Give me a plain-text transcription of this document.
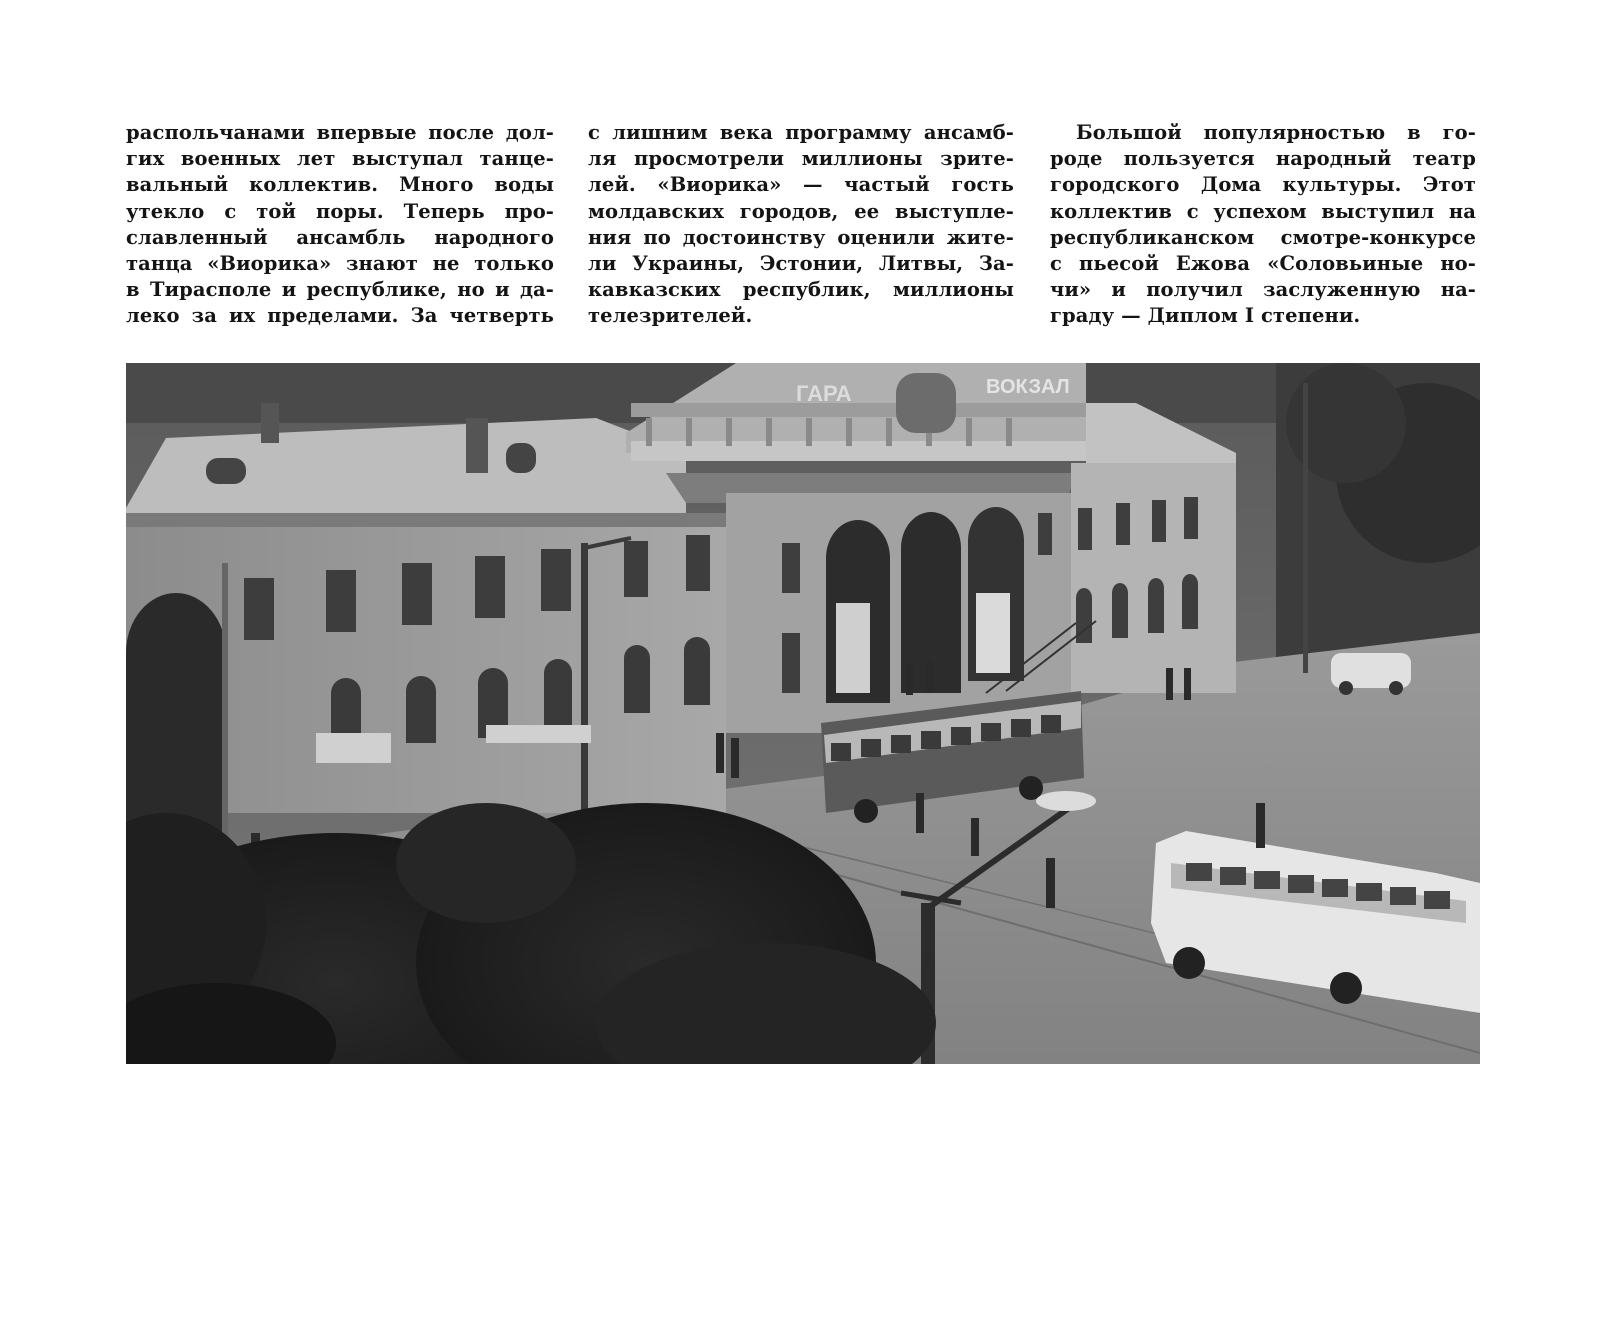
распольчанами впервые после дол-
гих военных лет выступал танце-
вальный коллектив. Много воды
утекло с той поры. Теперь про-
славленный ансамбль народного
танца «Виорика» знают не только
в Тирасполе и республике, но и да-
леко за их пределами. За четверть
с лишним века программу ансамб-
ля просмотрели миллионы зрите-
лей. «Виорика» — частый гость
молдавских городов, ее выступле-
ния по достоинству оценили жите-
ли Украины, Эстонии, Литвы, За-
кавказских республик, миллионы
телезрителей.
Большой популярностью в го-
роде пользуется народный театр
городского Дома культуры. Этот
коллектив с успехом выступил на
республиканском смотре-конкурсе
с пьесой Ежова «Соловьиные но-
чи» и получил заслуженную на-
граду — Диплом I степени.
ГАРА	ВОКЗАЛ
